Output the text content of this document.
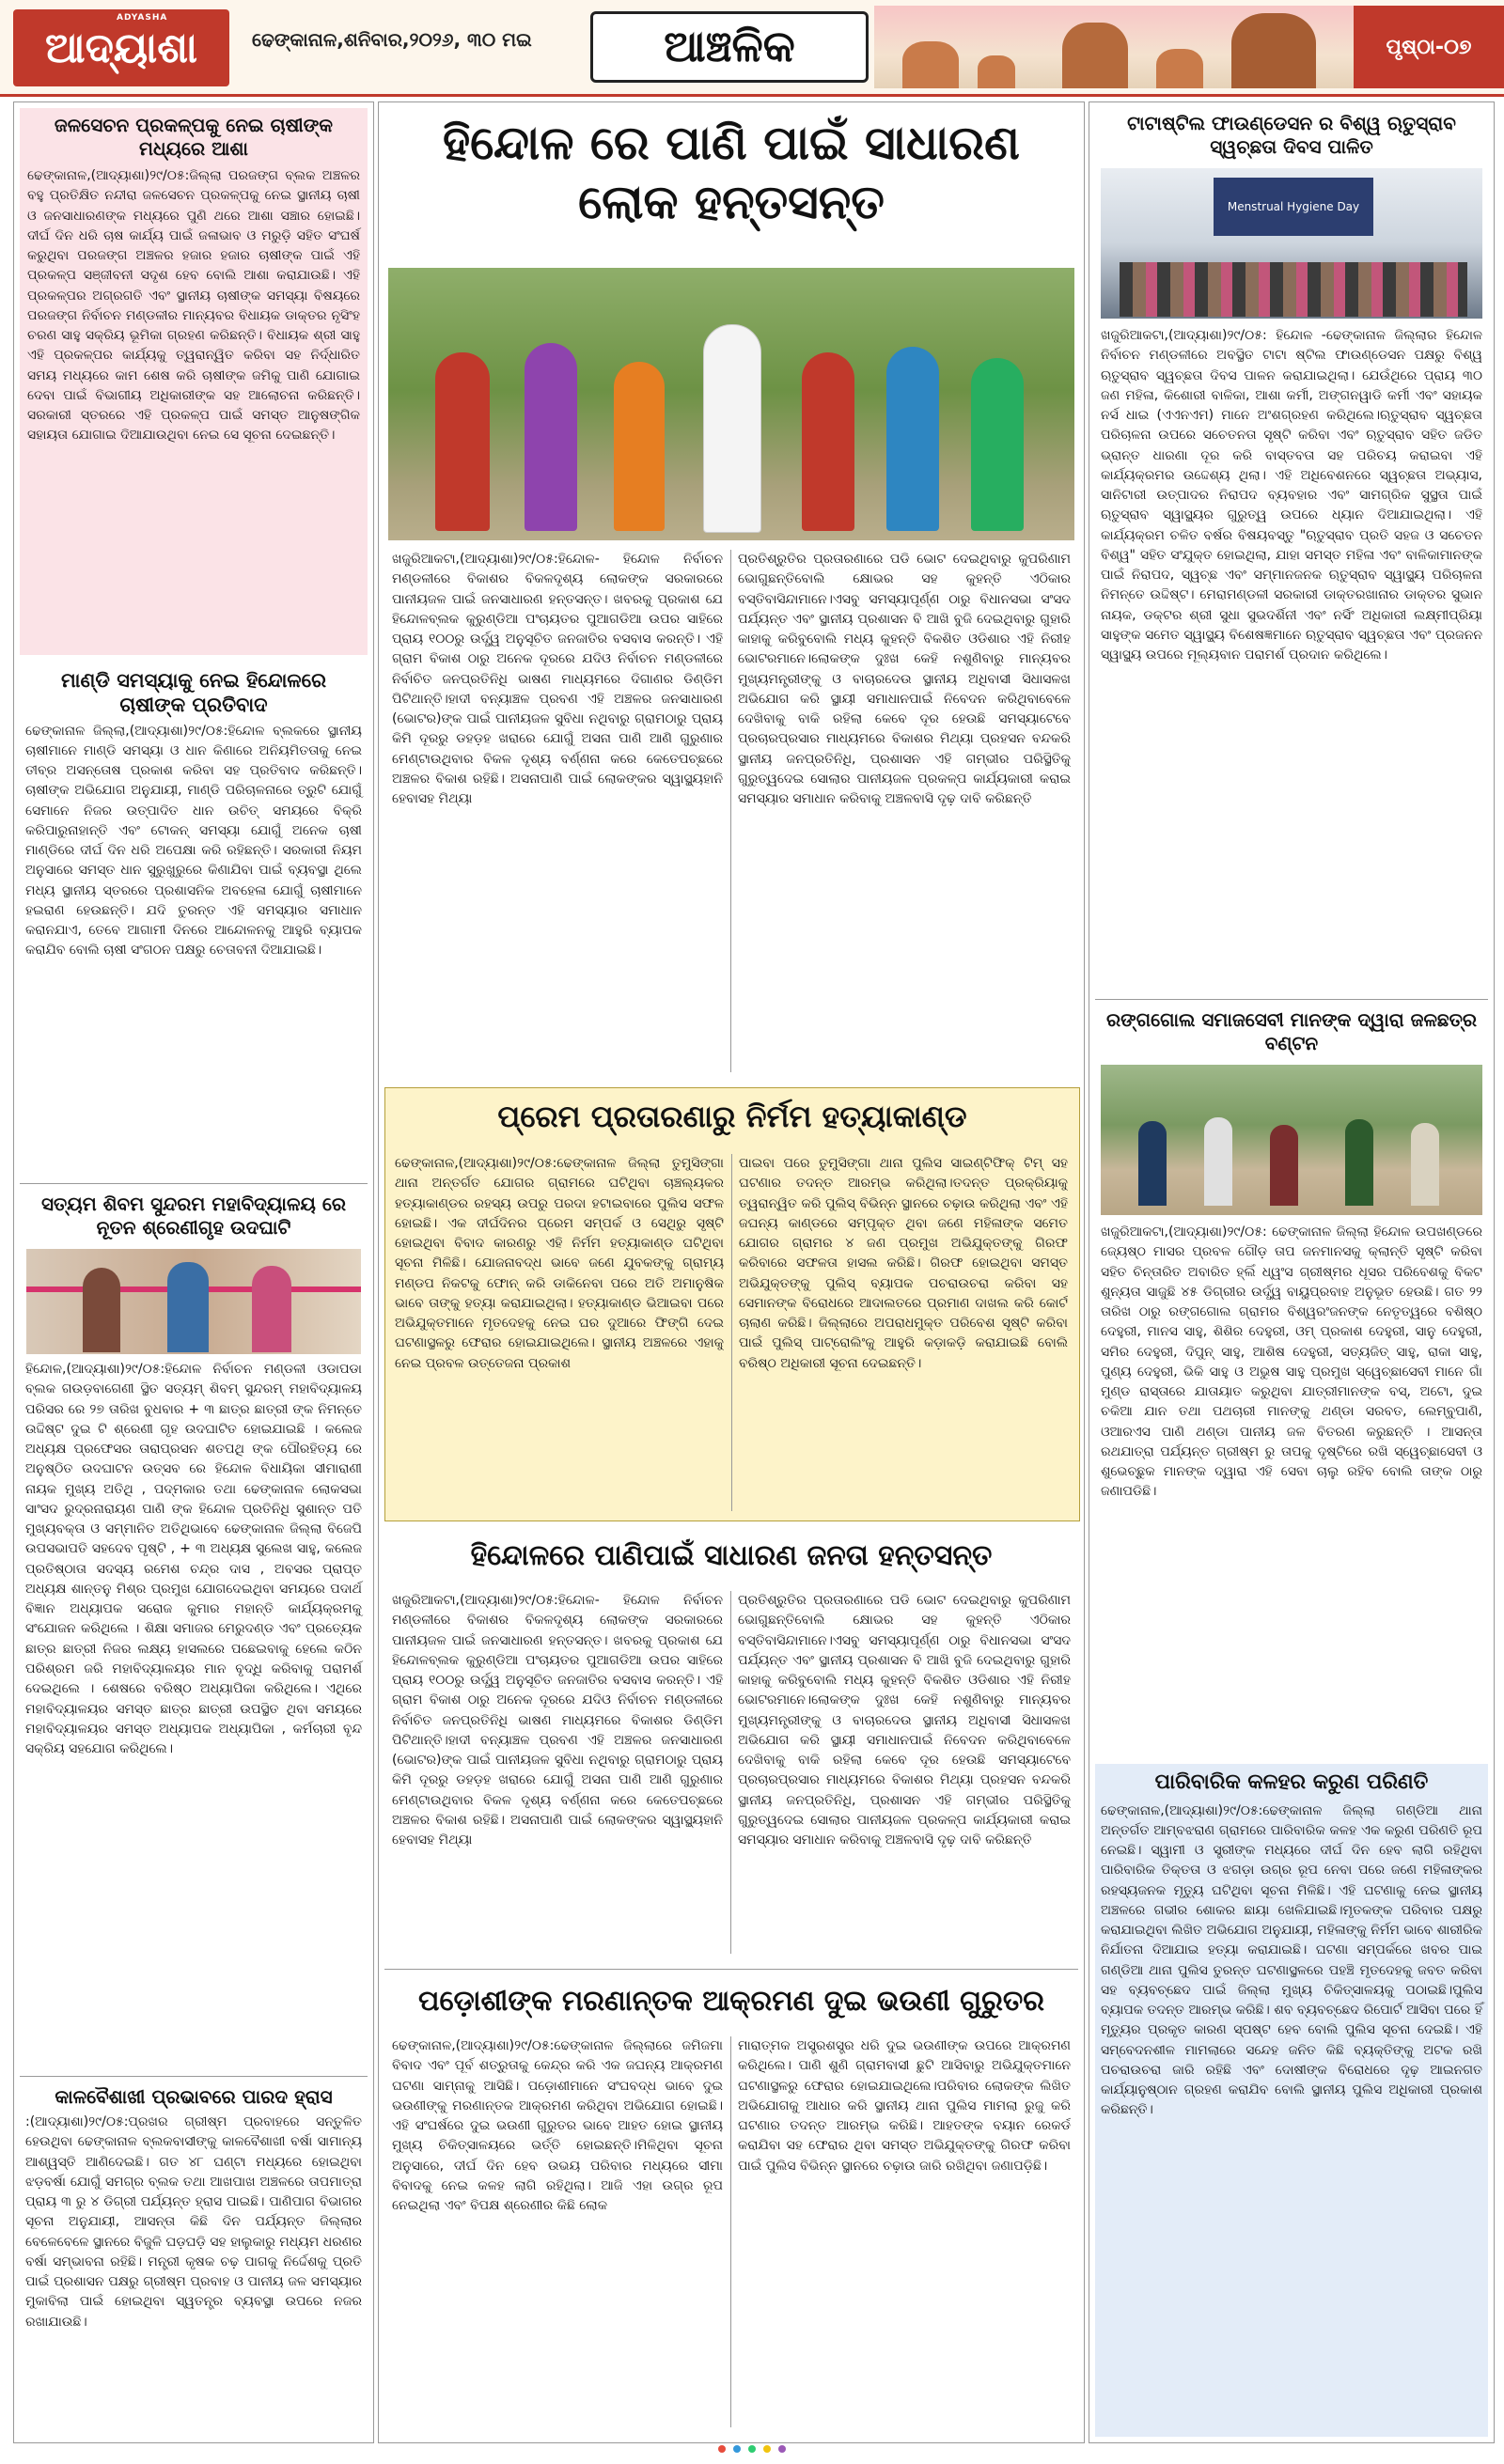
ADYASHA
ଆଦ୍ୟାଶା	ଢେଙ୍କାନାଳ,ଶନିବାର,୨୦୨୬, ୩୦ ମଇ	ଆଞ୍ଚଳିକ	ପୃଷ୍ଠା-୦୭
ଜଳସେଚନ ପ୍ରକଳ୍ପକୁ ନେଇ ଚାଷୀଙ୍କ ମଧ୍ୟରେ ଆଶା
ଢେଙ୍କାନାଳ,(ଆଦ୍ୟାଶା)୨୯/୦୫:ଜିଲ୍ଲା ପରଜଙ୍ଗ ବ୍ଲକ ଅଞ୍ଚଳର ବହୁ ପ୍ରତିକ୍ଷିତ ନନ୍ଦୀରା ଜଳସେଚନ ପ୍ରକଳ୍ପକୁ ନେଇ ସ୍ଥାନୀୟ ଚାଷୀ ଓ ଜନସାଧାରଣଙ୍କ ମଧ୍ୟରେ ପୁଣି ଥରେ ଆଶା ସଞ୍ଚାର ହୋଇଛି। ଦୀର୍ଘ ଦିନ ଧରି ଚାଷ କାର୍ଯ୍ୟ ପାଇଁ ଜଳାଭାବ ଓ ମରୁଡ଼ି ସହିତ ସଂଘର୍ଷ କରୁଥିବା ପରଜଙ୍ଗ ଅଞ୍ଚଳର ହଜାର ହଜାର ଚାଷୀଙ୍କ ପାଇଁ ଏହି ପ୍ରକଳ୍ପ ସଞ୍ଜୀବନୀ ସଦୃଶ ହେବ ବୋଲି ଆଶା କରାଯାଉଛି। ଏହି ପ୍ରକଳ୍ପର ଅଗ୍ରଗତି ଏବଂ ସ୍ଥାନୀୟ ଚାଷୀଙ୍କ ସମସ୍ୟା ବିଷୟରେ ପରଜଙ୍ଗ ନିର୍ବାଚନ ମଣ୍ଡଳୀର ମାନ୍ୟବର ବିଧାୟକ ଡାକ୍ତର ନୃସିଂହ ଚରଣ ସାହୁ ସକ୍ରିୟ ଭୂମିକା ଗ୍ରହଣ କରିଛନ୍ତି। ବିଧାୟକ ଶ୍ରୀ ସାହୁ ଏହି ପ୍ରକଳ୍ପର କାର୍ଯ୍ୟକୁ ତ୍ୱରାନ୍ୱିତ କରିବା ସହ ନିର୍ଦ୍ଧାରିତ ସମୟ ମଧ୍ୟରେ କାମ ଶେଷ କରି ଚାଷୀଙ୍କ ଜମିକୁ ପାଣି ଯୋଗାଇ ଦେବା ପାଇଁ ବିଭାଗୀୟ ଅଧିକାରୀଙ୍କ ସହ ଆଲୋଚନା କରିଛନ୍ତି। ସରକାରୀ ସ୍ତରରେ ଏହି ପ୍ରକଳ୍ପ ପାଇଁ ସମସ୍ତ ଆନୁଷଙ୍ଗିକ ସହାୟତା ଯୋଗାଇ ଦିଆଯାଉଥିବା ନେଇ ସେ ସୂଚନା ଦେଇଛନ୍ତି।
ମାଣ୍ଡି ସମସ୍ୟାକୁ ନେଇ ହିନ୍ଦୋଳରେ ଚାଷୀଙ୍କ ପ୍ରତିବାଦ
ଢେଙ୍କାନାଳ ଜିଲ୍ଲା,(ଆଦ୍ୟାଶା)୨୯/୦୫:ହିନ୍ଦୋଳ ବ୍ଲକରେ ସ୍ଥାନୀୟ ଚାଷୀମାନେ ମାଣ୍ଡି ସମସ୍ୟା ଓ ଧାନ କିଣାରେ ଅନିୟମିତତାକୁ ନେଇ ତୀବ୍ର ଅସନ୍ତୋଷ ପ୍ରକାଶ କରିବା ସହ ପ୍ରତିବାଦ କରିଛନ୍ତି। ଚାଷୀଙ୍କ ଅଭିଯୋଗ ଅନୁଯାୟୀ, ମାଣ୍ଡି ପରିଚାଳନାରେ ତ୍ରୁଟି ଯୋଗୁଁ ସେମାନେ ନିଜର ଉତ୍ପାଦିତ ଧାନ ଉଚିତ୍ ସମୟରେ ବିକ୍ରି କରିପାରୁନାହାନ୍ତି ଏବଂ ଟୋକନ୍ ସମସ୍ୟା ଯୋଗୁଁ ଅନେକ ଚାଷୀ ମାଣ୍ଡିରେ ଦୀର୍ଘ ଦିନ ଧରି ଅପେକ୍ଷା କରି ରହିଛନ୍ତି। ସରକାରୀ ନିୟମ ଅନୁସାରେ ସମସ୍ତ ଧାନ ସୁରୁଖୁରୁରେ କିଣାଯିବା ପାଇଁ ବ୍ୟବସ୍ଥା ଥିଲେ ମଧ୍ୟ ସ୍ଥାନୀୟ ସ୍ତରରେ ପ୍ରଶାସନିକ ଅବହେଳା ଯୋଗୁଁ ଚାଷୀମାନେ ହଇରାଣ ହେଉଛନ୍ତି। ଯଦି ତୁରନ୍ତ ଏହି ସମସ୍ୟାର ସମାଧାନ କରାନଯାଏ, ତେବେ ଆଗାମୀ ଦିନରେ ଆନ୍ଦୋଳନକୁ ଆହୁରି ବ୍ୟାପକ କରାଯିବ ବୋଲି ଚାଷୀ ସଂଗଠନ ପକ୍ଷରୁ ଚେତାବନୀ ଦିଆଯାଇଛି।
ସତ୍ୟମ ଶିବମ ସୁନ୍ଦରମ ମହାବିଦ୍ୟାଳୟ ରେ ନୂତନ ଶ୍ରେଣୀଗୃହ ଉଦଘାଟି
ହିନ୍ଦୋଳ,(ଆଦ୍ୟାଶା)୨୯/୦୫:ହିନ୍ଦୋଳ ନିର୍ବାଚନ ମଣ୍ଡଳୀ ଓଡାପଡା ବ୍ଲକ ଗଉଡ଼ବାଗେଣୀ ସ୍ଥିତ ସତ୍ୟମ୍ ଶିବମ୍ ସୁନ୍ଦରମ୍ ମହାବିଦ୍ୟାଳୟ ପରିସର ରେ ୨୭ ତାରିଖ ବୁଧବାର + ୩ ଛାତ୍ର ଛାତ୍ରୀ ଙ୍କ ନିମନ୍ତେ ଉଦ୍ଦିଷ୍ଟ ଦୁଇ ଟି ଶ୍ରେଣୀ ଗୃହ ଉଦଘାଟିତ ହୋଇଯାଇଛି । କଲେଜ ଅଧ୍ୟକ୍ଷ ପ୍ରଫେସର ତାରାପ୍ରସନ ଶତପଥି ଙ୍କ ପୌରହିତ୍ୟ ରେ ଅନୁଷ୍ଠିତ ଉଦଘାଟନ ଉତ୍ସବ ରେ ହିନ୍ଦୋଳ ବିଧାୟିକା ସୀମାରାଣୀ ନାୟକ ମୁଖ୍ୟ ଅତିଥି , ପଦ୍ମକାର ତଥା ଢେଙ୍କାନାଳ ଲୋକସଭା ସାଂସଦ ରୁଦ୍ରନାରାୟଣ ପାଣି ଙ୍କ ହିନ୍ଦୋଳ ପ୍ରତିନିଧି ସୁଶାନ୍ତ ପତି ମୁଖ୍ୟବକ୍ତା ଓ ସମ୍ମାନିତ ଅତିଥିଭାବେ ଢେଙ୍କାନାଳ ଜିଲ୍ଲା ବିଜେପି ଉପସଭାପତି ସହଦେବ ପୃଷ୍ଟି , + ୩ ଅଧ୍ୟକ୍ଷ ସୁଲେଖ ସାହୁ, କଲେଜ ପ୍ରତିଷ୍ଠାତା ସଦସ୍ୟ ରମେଶ ଚନ୍ଦ୍ର ଦାସ , ଅବସର ପ୍ରାପ୍ତ ଅଧ୍ୟକ୍ଷ ଶାନ୍ତନୁ ମିଶ୍ର ପ୍ରମୁଖ ଯୋଗଦେଇଥିବା ସମୟରେ ପଦାର୍ଥ ବିଜ୍ଞାନ ଅଧ୍ୟାପକ ସରୋଜ କୁମାର ମହାନ୍ତି କାର୍ଯ୍ୟକ୍ରମକୁ ସଂଯୋଜନ କରିଥିଲେ । ଶିକ୍ଷା ସମାଜର ମେରୁଦଣ୍ଡ ଏବଂ ପ୍ରତ୍ୟେକ ଛାତ୍ର ଛାତ୍ରୀ ନିଜର ଲକ୍ଷ୍ୟ ହାସଲରେ ପଛେଇବାକୁ ହେଲେ କଠିନ ପରିଶ୍ରମ ଜରି ମହାବିଦ୍ୟାଳୟର ମାନ ବୃଦ୍ଧି କରିବାକୁ ପରାମର୍ଶ ଦେଇଥିଲେ । ଶେଷରେ ବରିଷ୍ଠ ଅଧ୍ୟାପିକା କରିଥିଲେ। ଏଥିରେ ମହାବିଦ୍ୟାଳୟର ସମସ୍ତ ଛାତ୍ର ଛାତ୍ରୀ ଉପସ୍ଥିତ ଥିବା ସମୟରେ ମହାବିଦ୍ୟାଳୟର ସମସ୍ତ ଅଧ୍ୟାପକ ଅଧ୍ୟାପିକା , କର୍ମଚାରୀ ବୃନ୍ଦ ସକ୍ରିୟ ସହଯୋଗ କରିଥିଲେ।
କାଳବୈଶାଖୀ ପ୍ରଭାବରେ ପାରଦ ହ୍ରାସ
:(ଆଦ୍ୟାଶା)୨୯/୦୫:ପ୍ରଖର ଗ୍ରୀଷ୍ମ ପ୍ରବାହରେ ସନ୍ତୁଳିତ ହେଉଥିବା ଢେଙ୍କାନାଳ ବ୍ଲକବାସୀଙ୍କୁ କାଳବୈଶାଖୀ ବର୍ଷା ସାମାନ୍ୟ ଆଶ୍ୱସ୍ତି ଆଣିଦେଇଛି। ଗତ ୪୮ ଘଣ୍ଟା ମଧ୍ୟରେ ହୋଇଥିବା ଝଡ଼ବର୍ଷା ଯୋଗୁଁ ସମଗ୍ର ବ୍ଲକ ତଥା ଆଖପାଖ ଅଞ୍ଚଳରେ ତାପମାତ୍ରା ପ୍ରାୟ ୩ ରୁ ୪ ଡିଗ୍ରୀ ପର୍ଯ୍ୟନ୍ତ ହ୍ରାସ ପାଇଛି। ପାଣିପାଗ ବିଭାଗର ସୂଚନା ଅନୁଯାୟୀ, ଆସନ୍ତା କିଛି ଦିନ ପର୍ଯ୍ୟନ୍ତ ଜିଲ୍ଲାର ବେଳେବେଳେ ସ୍ଥାନରେ ବିଜୁଳି ଘଡ଼ଘଡ଼ି ସହ ହାଲୁକାରୁ ମଧ୍ୟମ ଧରଣର ବର୍ଷା ସମ୍ଭାବନା ରହିଛି। ମନ୍ତ୍ରୀ କୃଷକ ଚଢ଼ ପାଗକୁ ନିର୍ଦ୍ଦେଶକୁ ପ୍ରତି ପାଇଁ ପ୍ରଶାସନ ପକ୍ଷରୁ ଗ୍ରୀଷ୍ମ ପ୍ରବାହ ଓ ପାନୀୟ ଜଳ ସମସ୍ୟାର ମୁକାବିଲା ପାଇଁ ହୋଇଥିବା ସ୍ୱତନ୍ତ୍ର ବ୍ୟବସ୍ଥା ଉପରେ ନଜର ରଖାଯାଉଛି।
ହିନ୍ଦୋଳ ରେ ପାଣି ପାଇଁ ସାଧାରଣ ଲୋକ ହନ୍ତସନ୍ତ
ଖଜୁରିଆକଟା,(ଆଦ୍ୟାଶା)୨୯/୦୫:ହିନ୍ଦୋଳ- ହିନ୍ଦୋଳ ନିର୍ବାଚନ ମଣ୍ଡଳୀରେ ବିକାଶର ବିକଳଦୃଶ୍ୟ ଲୋକଙ୍କ ସରକାରରେ ପାନୀୟଜଳ ପାଇଁ ଜନସାଧାରଣ ହନ୍ତସନ୍ତ। ଖବରକୁ ପ୍ରକାଶ ଯେ ହିନ୍ଦୋଳବ୍ଲକ କୁରୁଣ୍ଡିଆ ପଂଚାୟତର ପୁଆଗଡିଆ ଉପର ସାହିରେ ପ୍ରାୟ ୧୦୦ରୁ ଉର୍ଦ୍ଧ୍ୱ ଅନୁସୂଚିତ ଜନଜାତିର ବସବାସ କରନ୍ତି। ଏହି ଗ୍ରାମ ବିକାଶ ଠାରୁ ଅନେକ ଦୂରରେ ଯଦିଓ ନିର୍ବାଚନ ମଣ୍ଡଳୀରେ ନିର୍ବାଚିତ ଜନପ୍ରତିନିଧି ଭାଷଣ ମାଧ୍ୟମରେ ଦିଗାଣର ଡିଣ୍ଡିମ ପିଟିଥାନ୍ତି।ହାଦୀ ବନ୍ୟାଞ୍ଚଳ ପ୍ରବଣ ଏହି ଅଞ୍ଚଳର ଜନସାଧାରଣ (ଭୋଟର)ଙ୍କ ପାଇଁ ପାନୀୟଜଳ ସୁବିଧା ନଥିବାରୁ ଗ୍ରାମଠାରୁ ପ୍ରାୟ କିମି ଦୂରରୁ ଡହଡ଼ହ ଖରାରେ ଯୋଗୁଁ ଅସନା ପାଣି ଆଣି ଗୁରୁଣାର ମେଣ୍ଟାଉଥିବାର ବିକଳ ଦୃଶ୍ୟ ବର୍ଣ୍ଣନା କରେ କେତେପଚ୍ଛରେ ଅଞ୍ଚଳର ବିକାଶ ରହିଛି। ଅସନାପାଣି ପାଇଁ ଲୋକଙ୍କର ସ୍ୱାସ୍ଥ୍ୟହାନି ହେବାସହ ମିଥ୍ୟା
ପ୍ରତିଶ୍ରୁତିର ପ୍ରତାରଣାରେ ପଡି ଭୋଟ ଦେଇଥିବାରୁ କୁପରିଣାମ ଭୋଗୁଛନ୍ତିବୋଲି କ୍ଷୋଭର ସହ କୁହନ୍ତି ଏଠିକାର ବସ୍ତିବାସିନ୍ଦାମାନେ।ଏସବୁ ସମସ୍ୟାପୂର୍ଣ୍ଣ ଠାରୁ ବିଧାନସଭା ସଂସଦ ପର୍ଯ୍ୟନ୍ତ ଏବଂ ସ୍ଥାନୀୟ ପ୍ରଶାସନ ବି ଆଖି ବୁଜି ଦେଇଥିବାରୁ ଗୁହାରି କାହାକୁ କରିବୁବୋଲି ମଧ୍ୟ କୁହନ୍ତି ବିକଶିତ ଓଡିଶାର ଏହି ନିରୀହ ଭୋଟରମାନେ।ଲୋକଙ୍କ ଦୁଃଖ କେହି ନଶୁଣିବାରୁ ମାନ୍ୟବର ମୁଖ୍ୟମନ୍ତ୍ରୀଙ୍କୁ ଓ ବାଚାରଦେଉ ସ୍ଥାନୀୟ ଅଧିବାସୀ ସିଧାସଳଖ ଅଭିଯୋଗ କରି ସ୍ଥାୟୀ ସମାଧାନପାଇଁ ନିବେଦନ କରିଥିବାବେଳେ ଦେଖିବାକୁ ବାକି ରହିଲା କେବେ ଦୂର ହେଉଛି ସମସ୍ୟାଟେବେ ପ୍ରଚାରପ୍ରସାର ମାଧ୍ୟମରେ ବିକାଶର ମିଥ୍ୟା ପ୍ରହସନ ବନ୍ଦକରି ସ୍ଥାନୀୟ ଜନପ୍ରତିନିଧି, ପ୍ରଶାସନ ଏହି ଗମ୍ଭୀର ପରିସ୍ଥିତିକୁ ଗୁରୁତ୍ୱଦେଇ ସୋଲାର ପାନୀୟଜଳ ପ୍ରକଳ୍ପ କାର୍ଯ୍ୟକାରୀ କରାଇ ସମସ୍ୟାର ସମାଧାନ କରିବାକୁ ଅଞ୍ଚଳବାସି ଦୃଢ଼ ଦାବି କରିଛନ୍ତି
ପ୍ରେମ ପ୍ରତାରଣାରୁ ନିର୍ମମ ହତ୍ୟାକାଣ୍ଡ
ଢେଙ୍କାନାଳ,(ଆଦ୍ୟାଶା)୨୯/୦୫:ଢେଙ୍କାନାଳ ଜିଲ୍ଲା ତୁମୁସିଙ୍ଗା ଥାନା ଅନ୍ତର୍ଗତ ଯୋଗର ଗ୍ରାମରେ ଘଟିଥିବା ଚାଞ୍ଚଲ୍ୟକର ହତ୍ୟାକାଣ୍ଡର ରହସ୍ୟ ଉପରୁ ପରଦା ହଟାଇବାରେ ପୁଲିସ ସଫଳ ହୋଇଛି। ଏକ ଦୀର୍ଘଦିନର ପ୍ରେମ ସମ୍ପର୍କ ଓ ସେଥିରୁ ସୃଷ୍ଟି ହୋଇଥିବା ବିବାଦ କାରଣରୁ ଏହି ନିର୍ମମ ହତ୍ୟାକାଣ୍ଡ ଘଟିଥିବା ସୂଚନା ମିଳିଛି। ଯୋଜନାବଦ୍ଧ ଭାବେ ଜଣେ ଯୁବକଙ୍କୁ ଗ୍ରାମ୍ୟ ମଣ୍ଡପ ନିକଟକୁ ଫୋନ୍ କରି ଡାକିନେବା ପରେ ଅତି ଅମାନୁଷିକ ଭାବେ ତାଙ୍କୁ ହତ୍ୟା କରାଯାଇଥିଲା। ହତ୍ୟାକାଣ୍ଡ ଭିଆଇବା ପରେ ଅଭିଯୁକ୍ତମାନେ ମୃତଦେହକୁ ନେଇ ଘର ଦୁଆରେ ଫିଙ୍ଗି ଦେଇ ଘଟଣାସ୍ଥଳରୁ ଫେରାର ହୋଇଯାଇଥିଲେ। ସ୍ଥାନୀୟ ଅଞ୍ଚଳରେ ଏହାକୁ ନେଇ ପ୍ରବଳ ଉତ୍ତେଜନା ପ୍ରକାଶ
ପାଇବା ପରେ ତୁମୁସିଙ୍ଗା ଥାନା ପୁଲିସ ସାଇଣ୍ଟିଫିକ୍ ଟିମ୍ ସହ ଘଟଣାର ତଦନ୍ତ ଆରମ୍ଭ କରିଥିଲା।ତଦନ୍ତ ପ୍ରକ୍ରିୟାକୁ ତ୍ୱରାନ୍ୱିତ କରି ପୁଲିସ୍ ବିଭିନ୍ନ ସ୍ଥାନରେ ଚଢ଼ାଉ କରିଥିଲା ଏବଂ ଏହି ଜଘନ୍ୟ କାଣ୍ଡରେ ସମ୍ପୃକ୍ତ ଥିବା ଜଣେ ମହିଳାଙ୍କ ସମେତ ଯୋଗର ଗ୍ରାମର ୪ ଜଣ ପ୍ରମୁଖ ଅଭିଯୁକ୍ତଙ୍କୁ ଗିରଫ କରିବାରେ ସଫଳତା ହାସଲ କରିଛି। ଗିରଫ ହୋଇଥିବା ସମସ୍ତ ଅଭିଯୁକ୍ତଙ୍କୁ ପୁଲିସ୍ ବ୍ୟାପକ ପଚରାଉଚରା କରିବା ସହ ସେମାନଙ୍କ ବିରୋଧରେ ଆଦାଲତରେ ପ୍ରମାଣ ଦାଖଲ କରି କୋର୍ଟ ଚାଲାଣ କରିଛି। ଜିଲ୍ଲାରେ ଅପରାଧମୁକ୍ତ ପରିବେଶ ସୃଷ୍ଟି କରିବା ପାଇଁ ପୁଲିସ୍ ପାଟ୍ରୋଲିଂକୁ ଆହୁରି କଡ଼ାକଡ଼ି କରାଯାଇଛି ବୋଲି ବରିଷ୍ଠ ଅଧିକାରୀ ସୂଚନା ଦେଇଛନ୍ତି।
ହିନ୍ଦୋଳରେ ପାଣିପାଇଁ ସାଧାରଣ ଜନତା ହନ୍ତସନ୍ତ
ଖଜୁରିଆକଟା,(ଆଦ୍ୟାଶା)୨୯/୦୫:ହିନ୍ଦୋଳ- ହିନ୍ଦୋଳ ନିର୍ବାଚନ ମଣ୍ଡଳୀରେ ବିକାଶର ବିକଳଦୃଶ୍ୟ ଲୋକଙ୍କ ସରକାରରେ ପାନୀୟଜଳ ପାଇଁ ଜନସାଧାରଣ ହନ୍ତସନ୍ତ। ଖବରକୁ ପ୍ରକାଶ ଯେ ହିନ୍ଦୋଳବ୍ଲକ କୁରୁଣ୍ଡିଆ ପଂଚାୟତର ପୁଆଗଡିଆ ଉପର ସାହିରେ ପ୍ରାୟ ୧୦୦ରୁ ଉର୍ଦ୍ଧ୍ୱ ଅନୁସୂଚିତ ଜନଜାତିର ବସବାସ କରନ୍ତି। ଏହି ଗ୍ରାମ ବିକାଶ ଠାରୁ ଅନେକ ଦୂରରେ ଯଦିଓ ନିର୍ବାଚନ ମଣ୍ଡଳୀରେ ନିର୍ବାଚିତ ଜନପ୍ରତିନିଧି ଭାଷଣ ମାଧ୍ୟମରେ ବିକାଶର ଡିଣ୍ଡିମ ପିଟିଥାନ୍ତି।ହାଦୀ ବନ୍ୟାଞ୍ଚଳ ପ୍ରବଣ ଏହି ଅଞ୍ଚଳର ଜନସାଧାରଣ (ଭୋଟର)ଙ୍କ ପାଇଁ ପାନୀୟଜଳ ସୁବିଧା ନଥିବାରୁ ଗ୍ରାମଠାରୁ ପ୍ରାୟ କିମି ଦୂରରୁ ଡହଡ଼ହ ଖରାରେ ଯୋଗୁଁ ଅସନା ପାଣି ଆଣି ଗୁରୁଣାର ମେଣ୍ଟାଉଥିବାର ବିକଳ ଦୃଶ୍ୟ ବର୍ଣ୍ଣନା କରେ କେତେପଚ୍ଛରେ ଅଞ୍ଚଳର ବିକାଶ ରହିଛି। ଅସନାପାଣି ପାଇଁ ଲୋକଙ୍କର ସ୍ୱାସ୍ଥ୍ୟହାନି ହେବାସହ ମିଥ୍ୟା
ପ୍ରତିଶ୍ରୁତିର ପ୍ରତାରଣାରେ ପଡି ଭୋଟ ଦେଇଥିବାରୁ କୁପରିଣାମ ଭୋଗୁଛନ୍ତିବୋଲି କ୍ଷୋଭର ସହ କୁହନ୍ତି ଏଠିକାର ବସ୍ତିବାସିନ୍ଦାମାନେ।ଏସବୁ ସମସ୍ୟାପୂର୍ଣ୍ଣ ଠାରୁ ବିଧାନସଭା ସଂସଦ ପର୍ଯ୍ୟନ୍ତ ଏବଂ ସ୍ଥାନୀୟ ପ୍ରଶାସନ ବି ଆଖି ବୁଜି ଦେଇଥିବାରୁ ଗୁହାରି କାହାକୁ କରିବୁବୋଲି ମଧ୍ୟ କୁହନ୍ତି ବିକଶିତ ଓଡିଶାର ଏହି ନିରୀହ ଭୋଟରମାନେ।ଲୋକଙ୍କ ଦୁଃଖ କେହି ନଶୁଣିବାରୁ ମାନ୍ୟବର ମୁଖ୍ୟମନ୍ତ୍ରୀଙ୍କୁ ଓ ବାଚାରଦେଉ ସ୍ଥାନୀୟ ଅଧିବାସୀ ସିଧାସଳଖ ଅଭିଯୋଗ କରି ସ୍ଥାୟୀ ସମାଧାନପାଇଁ ନିବେଦନ କରିଥିବାବେଳେ ଦେଖିବାକୁ ବାକି ରହିଲା କେବେ ଦୂର ହେଉଛି ସମସ୍ୟାଟେବେ ପ୍ରଚାରପ୍ରସାର ମାଧ୍ୟମରେ ବିକାଶର ମିଥ୍ୟା ପ୍ରହସନ ବନ୍ଦକରି ସ୍ଥାନୀୟ ଜନପ୍ରତିନିଧି, ପ୍ରଶାସନ ଏହି ଗମ୍ଭୀର ପରିସ୍ଥିତିକୁ ଗୁରୁତ୍ୱଦେଇ ସୋଲାର ପାନୀୟଜଳ ପ୍ରକଳ୍ପ କାର୍ଯ୍ୟକାରୀ କରାଇ ସମସ୍ୟାର ସମାଧାନ କରିବାକୁ ଅଞ୍ଚଳବାସି ଦୃଢ଼ ଦାବି କରିଛନ୍ତି
ପଡ଼ୋଶୀଙ୍କ ମରଣାନ୍ତକ ଆକ୍ରମଣ ଦୁଇ ଭଉଣୀ ଗୁରୁତର
ଢେଙ୍କାନାଳ,(ଆଦ୍ୟାଶା)୨୯/୦୫:ଢେଙ୍କାନାଳ ଜିଲ୍ଲାରେ ଜମିଜମା ବିବାଦ ଏବଂ ପୂର୍ବ ଶତ୍ରୁତାକୁ କେନ୍ଦ୍ର କରି ଏକ ଜଘନ୍ୟ ଆକ୍ରମଣ ଘଟଣା ସାମ୍ନାକୁ ଆସିଛି। ପଡ଼ୋଶୀମାନେ ସଂଘବଦ୍ଧ ଭାବେ ଦୁଇ ଭଉଣୀଙ୍କୁ ମରଣାନ୍ତକ ଆକ୍ରମଣ କରିଥିବା ଅଭିଯୋଗ ହୋଇଛି। ଏହି ସଂଘର୍ଷରେ ଦୁଇ ଭଉଣୀ ଗୁରୁତର ଭାବେ ଆହତ ହୋଇ ସ୍ଥାନୀୟ ମୁଖ୍ୟ ଚିକିତ୍ସାଳୟରେ ଭର୍ତ୍ତି ହୋଇଛନ୍ତି।ମିଳିଥିବା ସୂଚନା ଅନୁସାରେ, ଦୀର୍ଘ ଦିନ ହେବ ଉଭୟ ପରିବାର ମଧ୍ୟରେ ସୀମା ବିବାଦକୁ ନେଇ କଳହ ଲାଗି ରହିଥିଲା। ଆଜି ଏହା ଉଗ୍ର ରୂପ ନେଇଥିଲା ଏବଂ ବିପକ୍ଷ ଶ୍ରେଣୀର କିଛି ଲୋକ
ମାରାତ୍ମକ ଅସ୍ତ୍ରଶସ୍ତ୍ର ଧରି ଦୁଇ ଭଉଣୀଙ୍କ ଉପରେ ଆକ୍ରମଣ କରିଥିଲେ। ପାଣି ଶୁଣି ଗ୍ରାମବାସୀ ଛୁଟି ଆସିବାରୁ ଅଭିଯୁକ୍ତମାନେ ଘଟଣାସ୍ଥଳରୁ ଫେରାର ହୋଇଯାଇଥିଲେ।ପରିବାର ଲୋକଙ୍କ ଲିଖିତ ଅଭିଯୋଗକୁ ଆଧାର କରି ସ୍ଥାନୀୟ ଥାନା ପୁଲିସ ମାମଲା ରୁଜୁ କରି ଘଟଣାର ତଦନ୍ତ ଆରମ୍ଭ କରିଛି। ଆହତଙ୍କ ବୟାନ ରେକର୍ଡ କରାଯିବା ସହ ଫେରାର ଥିବା ସମସ୍ତ ଅଭିଯୁକ୍ତଙ୍କୁ ଗିରଫ କରିବା ପାଇଁ ପୁଲିସ ବିଭିନ୍ନ ସ୍ଥାନରେ ଚଢ଼ାଉ ଜାରି ରଖିଥିବା ଜଣାପଡ଼ିଛି।
ଟାଟାଷ୍ଟିଲ ଫାଉଣ୍ଡେସନ ର ବିଶ୍ୱ ଋତୁସ୍ରାବ ସ୍ୱଚ୍ଛତା ଦିବସ ପାଳିତ
Menstrual Hygiene Day
ଖଜୁରିଆକଟା,(ଆଦ୍ୟାଶା)୨୯/୦୫: ହିନ୍ଦୋଳ -ଢେଙ୍କାନାଳ ଜିଲ୍ଲାର ହିନ୍ଦୋଳ ନିର୍ବାଚନ ମଣ୍ଡଳୀରେ ଅବସ୍ଥିତ ଟାଟା ଷ୍ଟିଲ ଫାଉଣ୍ଡେସନ ପକ୍ଷରୁ ବିଶ୍ୱ ଋତୁସ୍ରାବ ସ୍ୱଚ୍ଛତା ଦିବସ ପାଳନ କରାଯାଇଥିଲା। ଯେଉଁଥିରେ ପ୍ରାୟ ୩୦ ଜଣ ମହିଳା, କିଶୋରୀ ବାଳିକା, ଆଶା କର୍ମୀ, ଅଙ୍ଗନୱାଡି କର୍ମୀ ଏବଂ ସହାୟକ ନର୍ସ ଧାଇ (ଏଏନଏମ) ମାନେ ଅଂଶଗ୍ରହଣ କରିଥିଲେ।ଋତୁସ୍ରାବ ସ୍ୱଚ୍ଛତା ପରିଚାଳନା ଉପରେ ସଚେତନତା ସୃଷ୍ଟି କରିବା ଏବଂ ଋତୁସ୍ରାବ ସହିତ ଜଡିତ ଭ୍ରାନ୍ତ ଧାରଣା ଦୂର କରି ବାସ୍ତବତା ସହ ପରିଚୟ କରାଇବା ଏହି କାର୍ଯ୍ୟକ୍ରମର ଉଦ୍ଦେଶ୍ୟ ଥିଲା। ଏହି ଅଧିବେଶନରେ ସ୍ୱଚ୍ଛତା ଅଭ୍ୟାସ, ସାନିଟାରୀ ଉତ୍ପାଦର ନିରାପଦ ବ୍ୟବହାର ଏବଂ ସାମଗ୍ରିକ ସୁସ୍ଥତା ପାଇଁ ଋତୁସ୍ରାବ ସ୍ୱାସ୍ଥ୍ୟର ଗୁରୁତ୍ୱ ଉପରେ ଧ୍ୟାନ ଦିଆଯାଇଥିଲା। ଏହି କାର୍ଯ୍ୟକ୍ରମ ଚଳିତ ବର୍ଷର ବିଷୟବସ୍ତୁ "ଋତୁସ୍ରାବ ପ୍ରତି ସହଜ ଓ ସଚେତନ ବିଶ୍ୱ" ସହିତ ସଂଯୁକ୍ତ ହୋଇଥିଲା, ଯାହା ସମସ୍ତ ମହିଳା ଏବଂ ବାଳିକାମାନଙ୍କ ପାଇଁ ନିରାପଦ, ସ୍ୱଚ୍ଛ ଏବଂ ସମ୍ମାନଜନକ ଋତୁସ୍ରାବ ସ୍ୱାସ୍ଥ୍ୟ ପରିଚାଳନା ନିମନ୍ତେ ଉଦ୍ଦିଷ୍ଟ। ମେରାମଣ୍ଡଳୀ ସରକାରୀ ଡାକ୍ତରଖାନାର ଡାକ୍ତର ସୁଭାନ ନାୟକ, ଡକ୍ଟର ଶ୍ରୀ ସୁଧା ସୁଭଦର୍ଶିନୀ ଏବଂ ନର୍ସିଂ ଅଧିକାରୀ ଲକ୍ଷ୍ମୀପ୍ରିୟା ସାହୁଙ୍କ ସମେତ ସ୍ୱାସ୍ଥ୍ୟ ବିଶେଷଜ୍ଞମାନେ ଋତୁସ୍ରାବ ସ୍ୱଚ୍ଛତା ଏବଂ ପ୍ରଜନନ ସ୍ୱାସ୍ଥ୍ୟ ଉପରେ ମୂଲ୍ୟବାନ ପରାମର୍ଶ ପ୍ରଦାନ କରିଥିଲେ।
ରଙ୍ଗଗୋଲ ସମାଜସେବୀ ମାନଙ୍କ ଦ୍ୱାରା ଜଳଛତ୍ର ବଣ୍ଟନ
ଖଜୁରିଆକଟା,(ଆଦ୍ୟାଶା)୨୯/୦୫: ଢେଙ୍କାନାଳ ଜିଲ୍ଲା ହିନ୍ଦୋଳ ଉପଖଣ୍ଡରେ ଜ୍ୟେଷ୍ଠ ମାସର ପ୍ରବଳ ଗୌଡ଼ ତାପ ଜନମାନସକୁ କ୍ଲାନ୍ତି ସୃଷ୍ଟି କରିବା ସହିତ ଚିନ୍ତାରିତ ଅବାରିତ ହ୍ଲିଁ ଧ୍ୱଂସ ଗ୍ରୀଷ୍ମର ଧୂସର ପରିବେଶକୁ ବିକଟ ଶୁନ୍ୟତା ସାଜୁଛି ୪୫ ଡିଗ୍ରୀର ଉର୍ଦ୍ଧ୍ୱ ବାୟୁପ୍ରବାହ ଅନୁଭୂତ ହେଉଛି। ଗତ ୨୨ ତାରିଖ ଠାରୁ ରଙ୍ଗଗୋଲ ଗ୍ରାମର ବିଶ୍ୱରଂଜନଙ୍କ ନେତୃତ୍ୱରେ ବଶିଷ୍ଠ ଦେହୁରୀ, ମାନସ ସାହୁ, ଶିଶିର ଦେହୁରୀ, ଓମ୍ ପ୍ରକାଶ ଦେହୁରୀ, ସାନୁ ଦେହୁରୀ, ସମିର ଦେହୁରୀ, ଦିପୁନ୍ ସାହୁ, ଆଶିଷ ଦେହୁରୀ, ସତ୍ୟଜିତ୍ ସାହୁ, ରାକା ସାହୁ, ପୁଣ୍ୟ ଦେହୁରୀ, ଭିକି ସାହୁ ଓ ଅଭୁଷ ସାହୁ ପ୍ରମୁଖ ସ୍ୱେଚ୍ଛାସେବୀ ମାନେ ଗାଁ ମୁଣ୍ଡ ରାସ୍ତାରେ ଯାତାୟାତ କରୁଥିବା ଯାତ୍ରୀମାନଙ୍କ ବସ୍, ଅଟୋ, ଦୁଇ ଚକିଆ ଯାନ ତଥା ପଥଚାରୀ ମାନଙ୍କୁ ଥଣ୍ଡା ସରବତ, ଲେମ୍ବୁପାଣି, ଓଆରଏସ ପାଣି ଥଣ୍ଡା ପାନୀୟ ଜଳ ବିତରଣ କରୁଛନ୍ତି । ଆସନ୍ତା ରଥଯାତ୍ରା ପର୍ଯ୍ୟନ୍ତ ଗ୍ରୀଷ୍ମ ରୁ ତାପକୁ ଦୃଷ୍ଟିରେ ରଖି ସ୍ୱେଚ୍ଛାସେବୀ ଓ ଶୁଭେଚ୍ଛୁକ ମାନଙ୍କ ଦ୍ୱାରା ଏହି ସେବା ଚାଲୁ ରହିବ ବୋଲି ତାଙ୍କ ଠାରୁ ଜଣାପଡିଛି।
ପାରିବାରିକ କଳହର କରୁଣ ପରିଣତି
ଢେଙ୍କାନାଳ,(ଆଦ୍ୟାଶା)୨୯/୦୫:ଢେଙ୍କାନାଳ ଜିଲ୍ଲା ଗଣ୍ଡିଆ ଥାନା ଅନ୍ତର୍ଗତ ଆମ୍ବଝରାଣ ଗ୍ରାମରେ ପାରିବାରିକ କଳହ ଏକ କରୁଣ ପରିଣତି ରୂପ ନେଇଛି। ସ୍ୱାମୀ ଓ ସ୍ତ୍ରୀଙ୍କ ମଧ୍ୟରେ ଦୀର୍ଘ ଦିନ ହେବ ଲାଗି ରହିଥିବା ପାରିବାରିକ ତିକ୍ତତା ଓ ଝଗଡ଼ା ଉଗ୍ର ରୂପ ନେବା ପରେ ଜଣେ ମହିଳାଙ୍କର ରହସ୍ୟଜନକ ମୃତ୍ୟୁ ଘଟିଥିବା ସୂଚନା ମିଳିଛି। ଏହି ଘଟଣାକୁ ନେଇ ସ୍ଥାନୀୟ ଅଞ୍ଚଳରେ ଗଭୀର ଶୋକର ଛାୟା ଖେଳିଯାଇଛି।ମୃତକଙ୍କ ପରିବାର ପକ୍ଷରୁ କରାଯାଇଥିବା ଲିଖିତ ଅଭିଯୋଗ ଅନୁଯାୟୀ, ମହିଳାଙ୍କୁ ନିର୍ମମ ଭାବେ ଶାରୀରିକ ନିର୍ଯାତନା ଦିଆଯାଇ ହତ୍ୟା କରାଯାଇଛି। ଘଟଣା ସମ୍ପର୍କରେ ଖବର ପାଇ ଗଣ୍ଡିଆ ଥାନା ପୁଲିସ ତୁରନ୍ତ ଘଟଣାସ୍ଥଳରେ ପହଞ୍ଚି ମୃତଦେହକୁ ଜବତ କରିବା ସହ ବ୍ୟବଚ୍ଛେଦ ପାଇଁ ଜିଲ୍ଲା ମୁଖ୍ୟ ଚିକିତ୍ସାଳୟକୁ ପଠାଇଛି।ପୁଲିସ ବ୍ୟାପକ ତଦନ୍ତ ଆରମ୍ଭ କରିଛି। ଶବ ବ୍ୟବଚ୍ଛେଦ ରିପୋର୍ଟ ଆସିବା ପରେ ହିଁ ମୃତ୍ୟୁର ପ୍ରକୃତ କାରଣ ସ୍ପଷ୍ଟ ହେବ ବୋଲି ପୁଲିସ ସୂଚନା ଦେଇଛି। ଏହି ସମ୍ବେଦନଶୀଳ ମାମଲାରେ ସନ୍ଦେହ ଜନିତ କିଛି ବ୍ୟକ୍ତିଙ୍କୁ ଅଟକ ରଖି ପଚରାଉଚରା ଜାରି ରହିଛି ଏବଂ ଦୋଷୀଙ୍କ ବିରୋଧରେ ଦୃଢ଼ ଆଇନଗତ କାର୍ଯ୍ୟାନୁଷ୍ଠାନ ଗ୍ରହଣ କରାଯିବ ବୋଲି ସ୍ଥାନୀୟ ପୁଲିସ ଅଧିକାରୀ ପ୍ରକାଶ କରିଛନ୍ତି।
